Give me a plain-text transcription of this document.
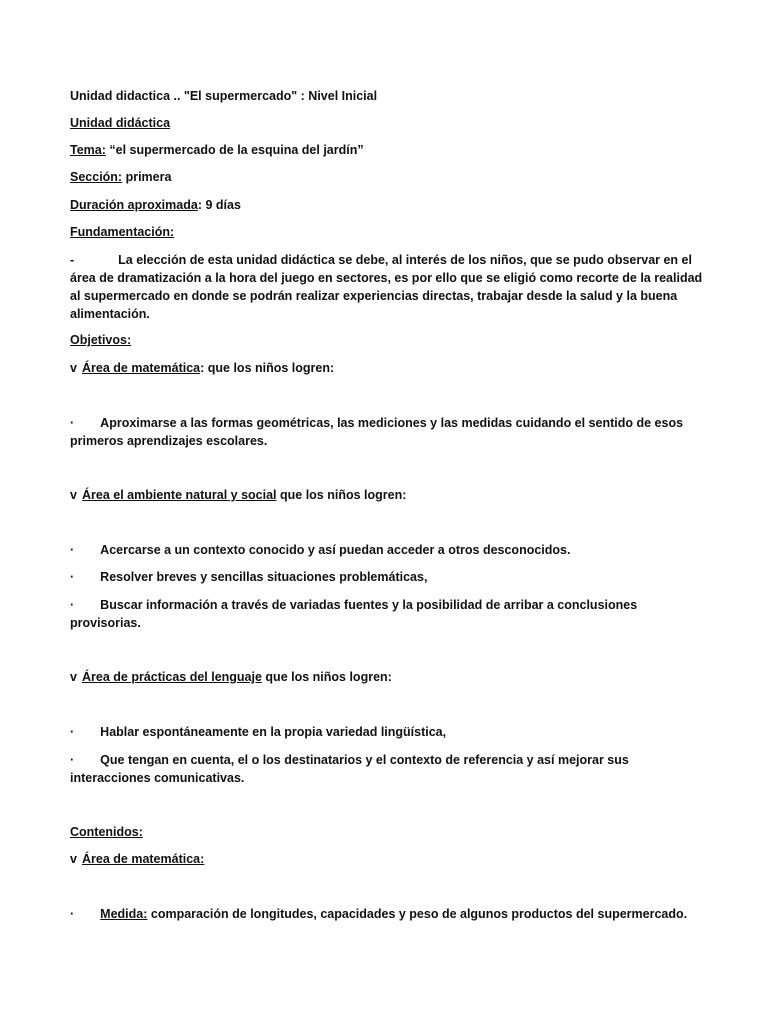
Unidad didactica .. "El supermercado" : Nivel Inicial
Unidad didáctica
Tema: “el supermercado de la esquina del jardín”
Sección: primera
Duración aproximada: 9 días
Fundamentación:
-	La elección de esta unidad didáctica se debe, al interés de los niños, que se pudo observar en el área de dramatización a la hora del juego en sectores, es por ello que se eligió como recorte de la realidad al supermercado en donde se podrán realizar experiencias directas, trabajar desde la salud y la buena alimentación.
Objetivos:
v Área de matemática: que los niños logren:
· Aproximarse a las formas geométricas, las mediciones y las medidas cuidando el sentido de esos primeros aprendizajes escolares.
v Área el ambiente natural y social que los niños logren:
· Acercarse a un contexto conocido y así puedan acceder a otros desconocidos.
· Resolver breves y sencillas situaciones problemáticas,
· Buscar información a través de variadas fuentes y la posibilidad de arribar a conclusiones provisorias.
v Área de prácticas del lenguaje que los niños logren:
· Hablar espontáneamente en la propia variedad lingüística,
· Que tengan en cuenta, el o los destinatarios y el contexto de referencia y así mejorar sus interacciones comunicativas.
Contenidos:
v Área de matemática:
· Medida: comparación de longitudes, capacidades y peso de algunos productos del supermercado.
